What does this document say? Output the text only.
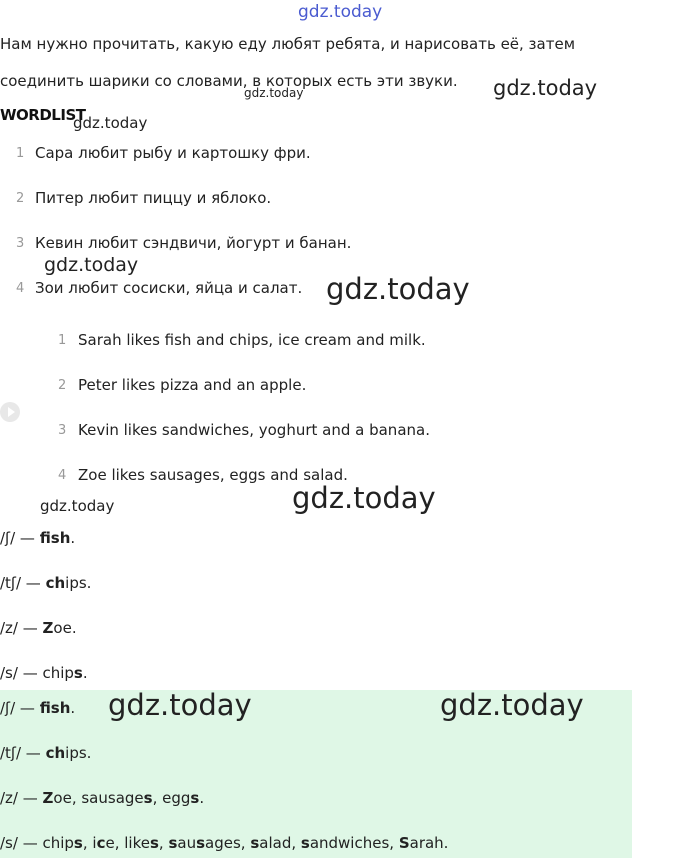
gdz.today
gdz.today
gdz.today
gdz.today
gdz.today
gdz.today
gdz.today
gdz.today
Нам нужно прочитать, какую еду любят ребята, и нарисовать её, затем
соединить шарики со словами, в которых есть эти звуки.
WORDLIST
1 Сара любит рыбу и картошку фри.
2 Питер любит пиццу и яблоко.
3 Кевин любит сэндвичи, йогурт и банан.
4 Зои любит сосиски, яйца и салат.
1 Sarah likes fish and chips, ice cream and milk.
2 Peter likes pizza and an apple.
3 Kevin likes sandwiches, yoghurt and a banana.
4 Zoe likes sausages, eggs and salad.
/ʃ/ — fish.
/tʃ/ — chips.
/z/ — Zoe.
/s/ — chips.
/ʃ/ — fish.
/tʃ/ — chips.
/z/ — Zoe, sausages, eggs.
/s/ — chips, ice, likes, sausages, salad, sandwiches, Sarah.
gdz.today	gdz.today
